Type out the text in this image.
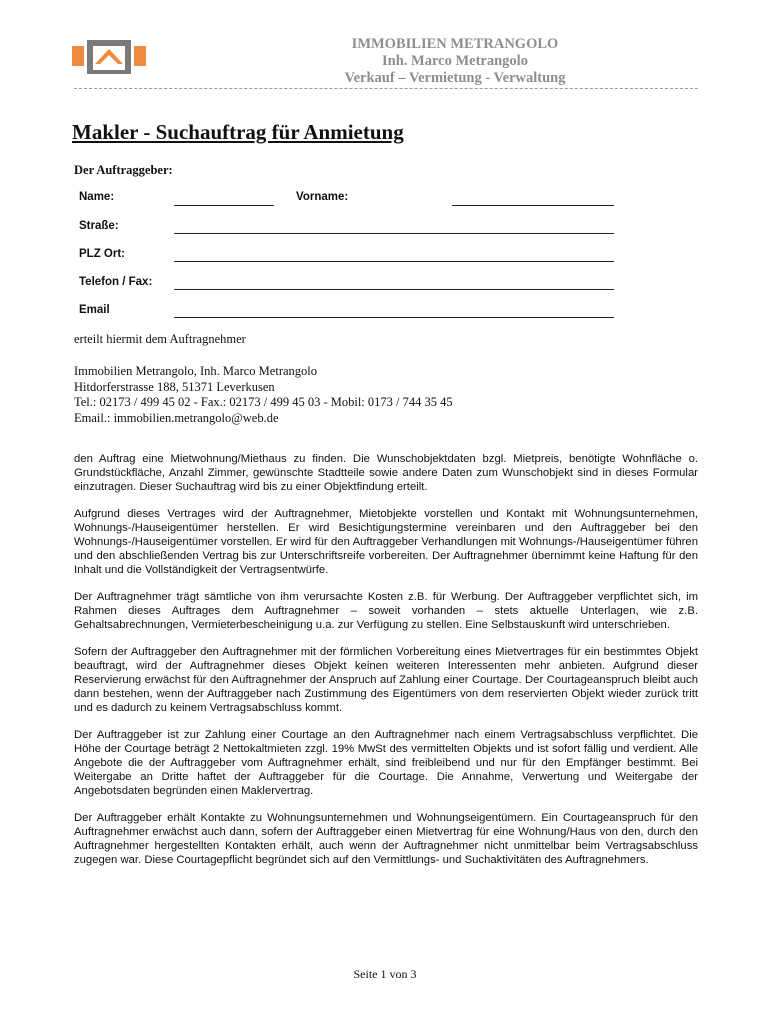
IMMOBILIEN METRANGOLO
Inh. Marco Metrangolo
Verkauf – Vermietung - Verwaltung
Makler - Suchauftrag für Anmietung
Der Auftraggeber:
Name:	Vorname:
Straße:
PLZ Ort:
Telefon / Fax:
Email
erteilt hiermit dem Auftragnehmer
Immobilien Metrangolo, Inh. Marco Metrangolo
Hitdorferstrasse 188, 51371 Leverkusen
Tel.: 02173 / 499 45 02 - Fax.: 02173 / 499 45 03 - Mobil: 0173 / 744 35 45
Email.: immobilien.metrangolo@web.de

den Auftrag eine Mietwohnung/Miethaus zu finden. Die Wunschobjektdaten bzgl. Mietpreis, benötigte Wohnfläche o. Grundstückfläche, Anzahl Zimmer, gewünschte Stadtteile sowie andere Daten zum Wunschobjekt sind in dieses Formular einzutragen. Dieser Suchauftrag wird bis zu einer Objektfindung erteilt.

Aufgrund dieses Vertrages wird der Auftragnehmer, Mietobjekte vorstellen und Kontakt mit Wohnungsunternehmen, Wohnungs-/Hauseigentümer herstellen. Er wird Besichtigungstermine vereinbaren und den Auftraggeber bei den Wohnungs-/Hauseigentümer vorstellen. Er wird für den Auftraggeber Verhandlungen mit Wohnungs-/Hauseigentümer führen und den abschließenden Vertrag bis zur Unterschriftsreife vorbereiten. Der Auftragnehmer übernimmt keine Haftung für den Inhalt und die Vollständigkeit der Vertragsentwürfe.

Der Auftragnehmer trägt sämtliche von ihm verursachte Kosten z.B. für Werbung. Der Auftraggeber verpflichtet sich, im Rahmen dieses Auftrages dem Auftragnehmer – soweit vorhanden – stets aktuelle Unterlagen, wie z.B. Gehaltsabrechnungen, Vermieterbescheinigung u.a. zur Verfügung zu stellen. Eine Selbstauskunft wird unterschrieben.

Sofern der Auftraggeber den Auftragnehmer mit der förmlichen Vorbereitung eines Mietvertrages für ein bestimmtes Objekt beauftragt, wird der Auftragnehmer dieses Objekt keinen weiteren Interessenten mehr anbieten. Aufgrund dieser Reservierung erwächst für den Auftragnehmer der Anspruch auf Zahlung einer Courtage. Der Courtageanspruch bleibt auch dann bestehen, wenn der Auftraggeber nach Zustimmung des Eigentümers von dem reservierten Objekt wieder zurück tritt und es dadurch zu keinem Vertragsabschluss kommt.

Der Auftraggeber ist zur Zahlung einer Courtage an den Auftragnehmer nach einem Vertragsabschluss verpflichtet. Die Höhe der Courtage beträgt 2 Nettokaltmieten zzgl. 19% MwSt des vermittelten Objekts und ist sofort fällig und verdient. Alle Angebote die der Auftraggeber vom Auftragnehmer erhält, sind freibleibend und nur für den Empfänger bestimmt. Bei Weitergabe an Dritte haftet der Auftraggeber für die Courtage. Die Annahme, Verwertung und Weitergabe der Angebotsdaten begründen einen Maklervertrag.

Der Auftraggeber erhält Kontakte zu Wohnungsunternehmen und Wohnungseigentümern. Ein Courtageanspruch für den Auftragnehmer erwächst auch dann, sofern der Auftraggeber einen Mietvertrag für eine Wohnung/Haus von den, durch den Auftragnehmer hergestellten Kontakten erhält, auch wenn der Auftragnehmer nicht unmittelbar beim Vertragsabschluss zugegen war. Diese Courtagepflicht begründet sich auf den Vermittlungs- und Suchaktivitäten des Auftragnehmers.

Seite 1 von 3
